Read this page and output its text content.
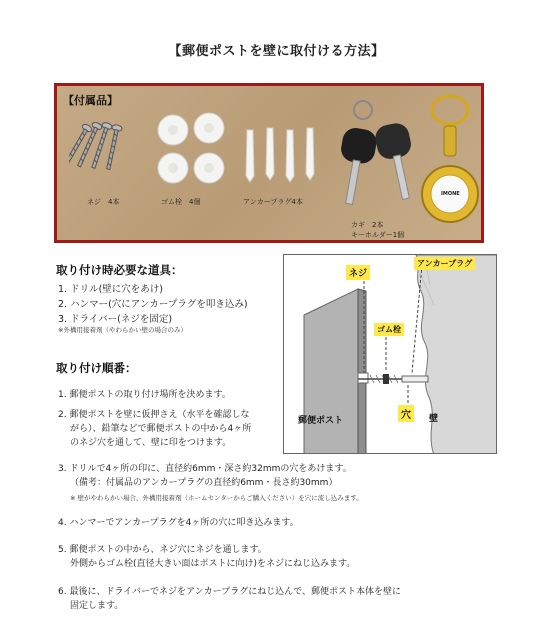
【郵便ポストを壁に取付ける方法】
【付属品】
ネジ　4本	ゴム栓　4個	アンカープラグ4本
カギ　2本
キーホルダー1個
IMONE
取り付け時必要な道具：
1. ドリル(壁に穴をあけ)
2. ハンマー(穴にアンカープラグを叩き込み)
3. ドライバー(ネジを固定)
※外構用接着剤（やわらかい壁の場合のみ）
ネジ
アンカープラグ
ゴム栓
郵便ポスト	穴	壁
取り付け順番：
1. 郵便ポストの取り付け場所を決めます。
2. 郵便ポストを壁に仮押さえ（水平を確認しな
がら）、鉛筆などで郵便ポストの中から4ヶ所
のネジ穴を通して、壁に印をつけます。
3. ドリルで4ヶ所の印に、直径約6mm・深さ約32mmの穴をあけます。
（備考：付属品のアンカープラグの直径約6mm・長さ約30mm）
※ 壁がやわらかい場合、外構用接着剤（ホームセンターからご購入ください）を穴に流し込みます。
4. ハンマーでアンカープラグを4ヶ所の穴に叩き込みます。
5. 郵便ポストの中から、ネジ穴にネジを通します。
外側からゴム栓(直径大きい面はポストに向け)をネジにねじ込みます。
6. 最後に、ドライバーでネジをアンカープラグにねじ込んで、郵便ポスト本体を壁に
固定します。
